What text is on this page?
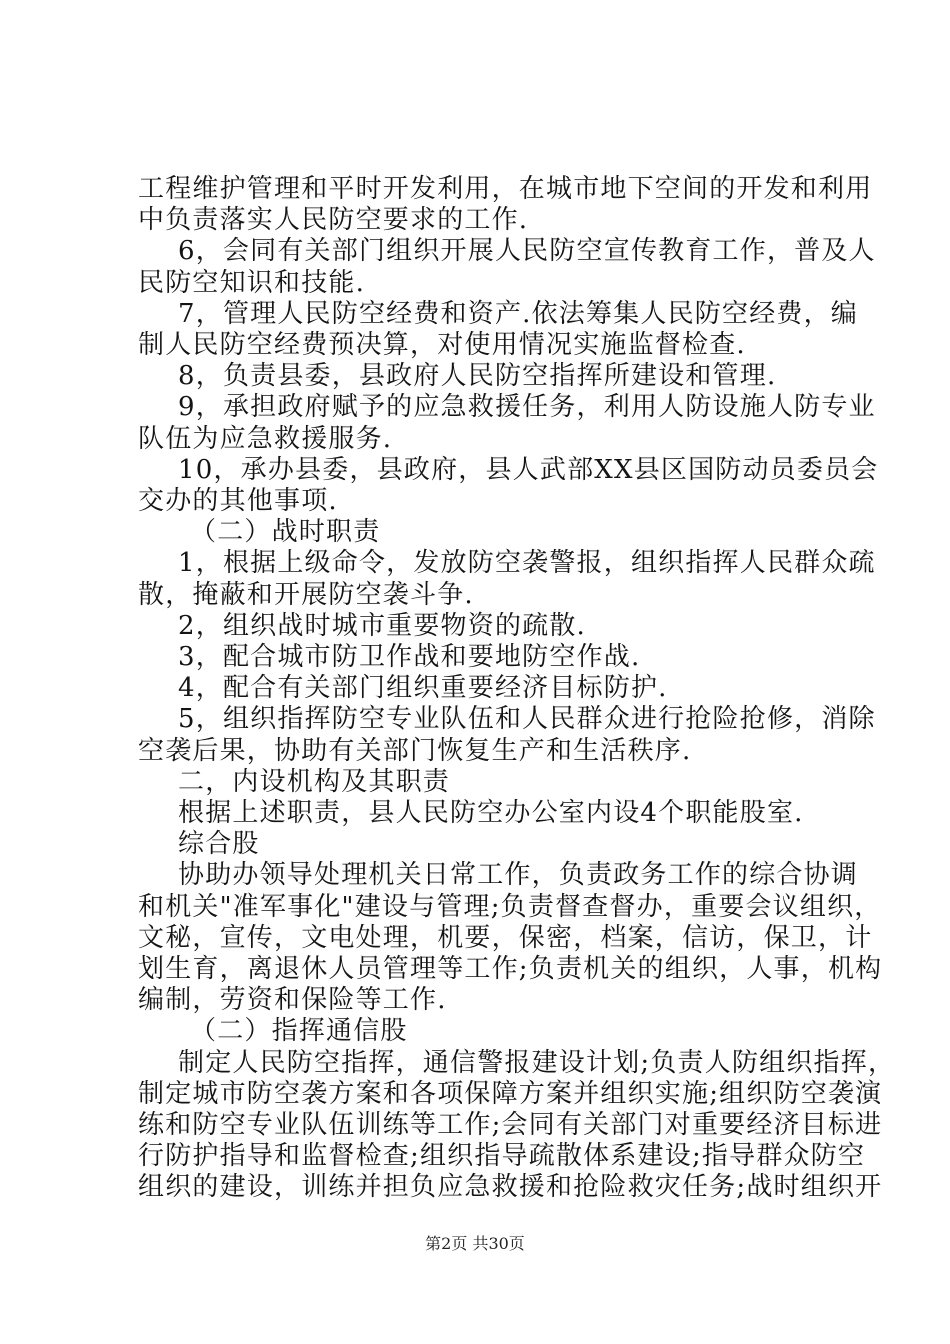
工程维护管理和平时开发利用，在城市地下空间的开发和利用
中负责落实人民防空要求的工作.
6，会同有关部门组织开展人民防空宣传教育工作，普及人
民防空知识和技能.
7，管理人民防空经费和资产.依法筹集人民防空经费，编
制人民防空经费预决算，对使用情况实施监督检查.
8，负责县委，县政府人民防空指挥所建设和管理.
9，承担政府赋予的应急救援任务，利用人防设施人防专业
队伍为应急救援服务.
10，承办县委，县政府，县人武部XX县区国防动员委员会
交办的其他事项.
（二）战时职责
1，根据上级命令，发放防空袭警报，组织指挥人民群众疏
散，掩蔽和开展防空袭斗争.
2，组织战时城市重要物资的疏散.
3，配合城市防卫作战和要地防空作战.
4，配合有关部门组织重要经济目标防护.
5，组织指挥防空专业队伍和人民群众进行抢险抢修，消除
空袭后果，协助有关部门恢复生产和生活秩序.
二，内设机构及其职责
根据上述职责，县人民防空办公室内设4个职能股室.
综合股
协助办领导处理机关日常工作，负责政务工作的综合协调
和机关"准军事化"建设与管理;负责督查督办，重要会议组织，
文秘，宣传，文电处理，机要，保密，档案，信访，保卫，计
划生育，离退休人员管理等工作;负责机关的组织，人事，机构
编制，劳资和保险等工作.
（二）指挥通信股
制定人民防空指挥，通信警报建设计划;负责人防组织指挥，
制定城市防空袭方案和各项保障方案并组织实施;组织防空袭演
练和防空专业队伍训练等工作;会同有关部门对重要经济目标进
行防护指导和监督检查;组织指导疏散体系建设;指导群众防空
组织的建设，训练并担负应急救援和抢险救灾任务;战时组织开
第2页 共30页
